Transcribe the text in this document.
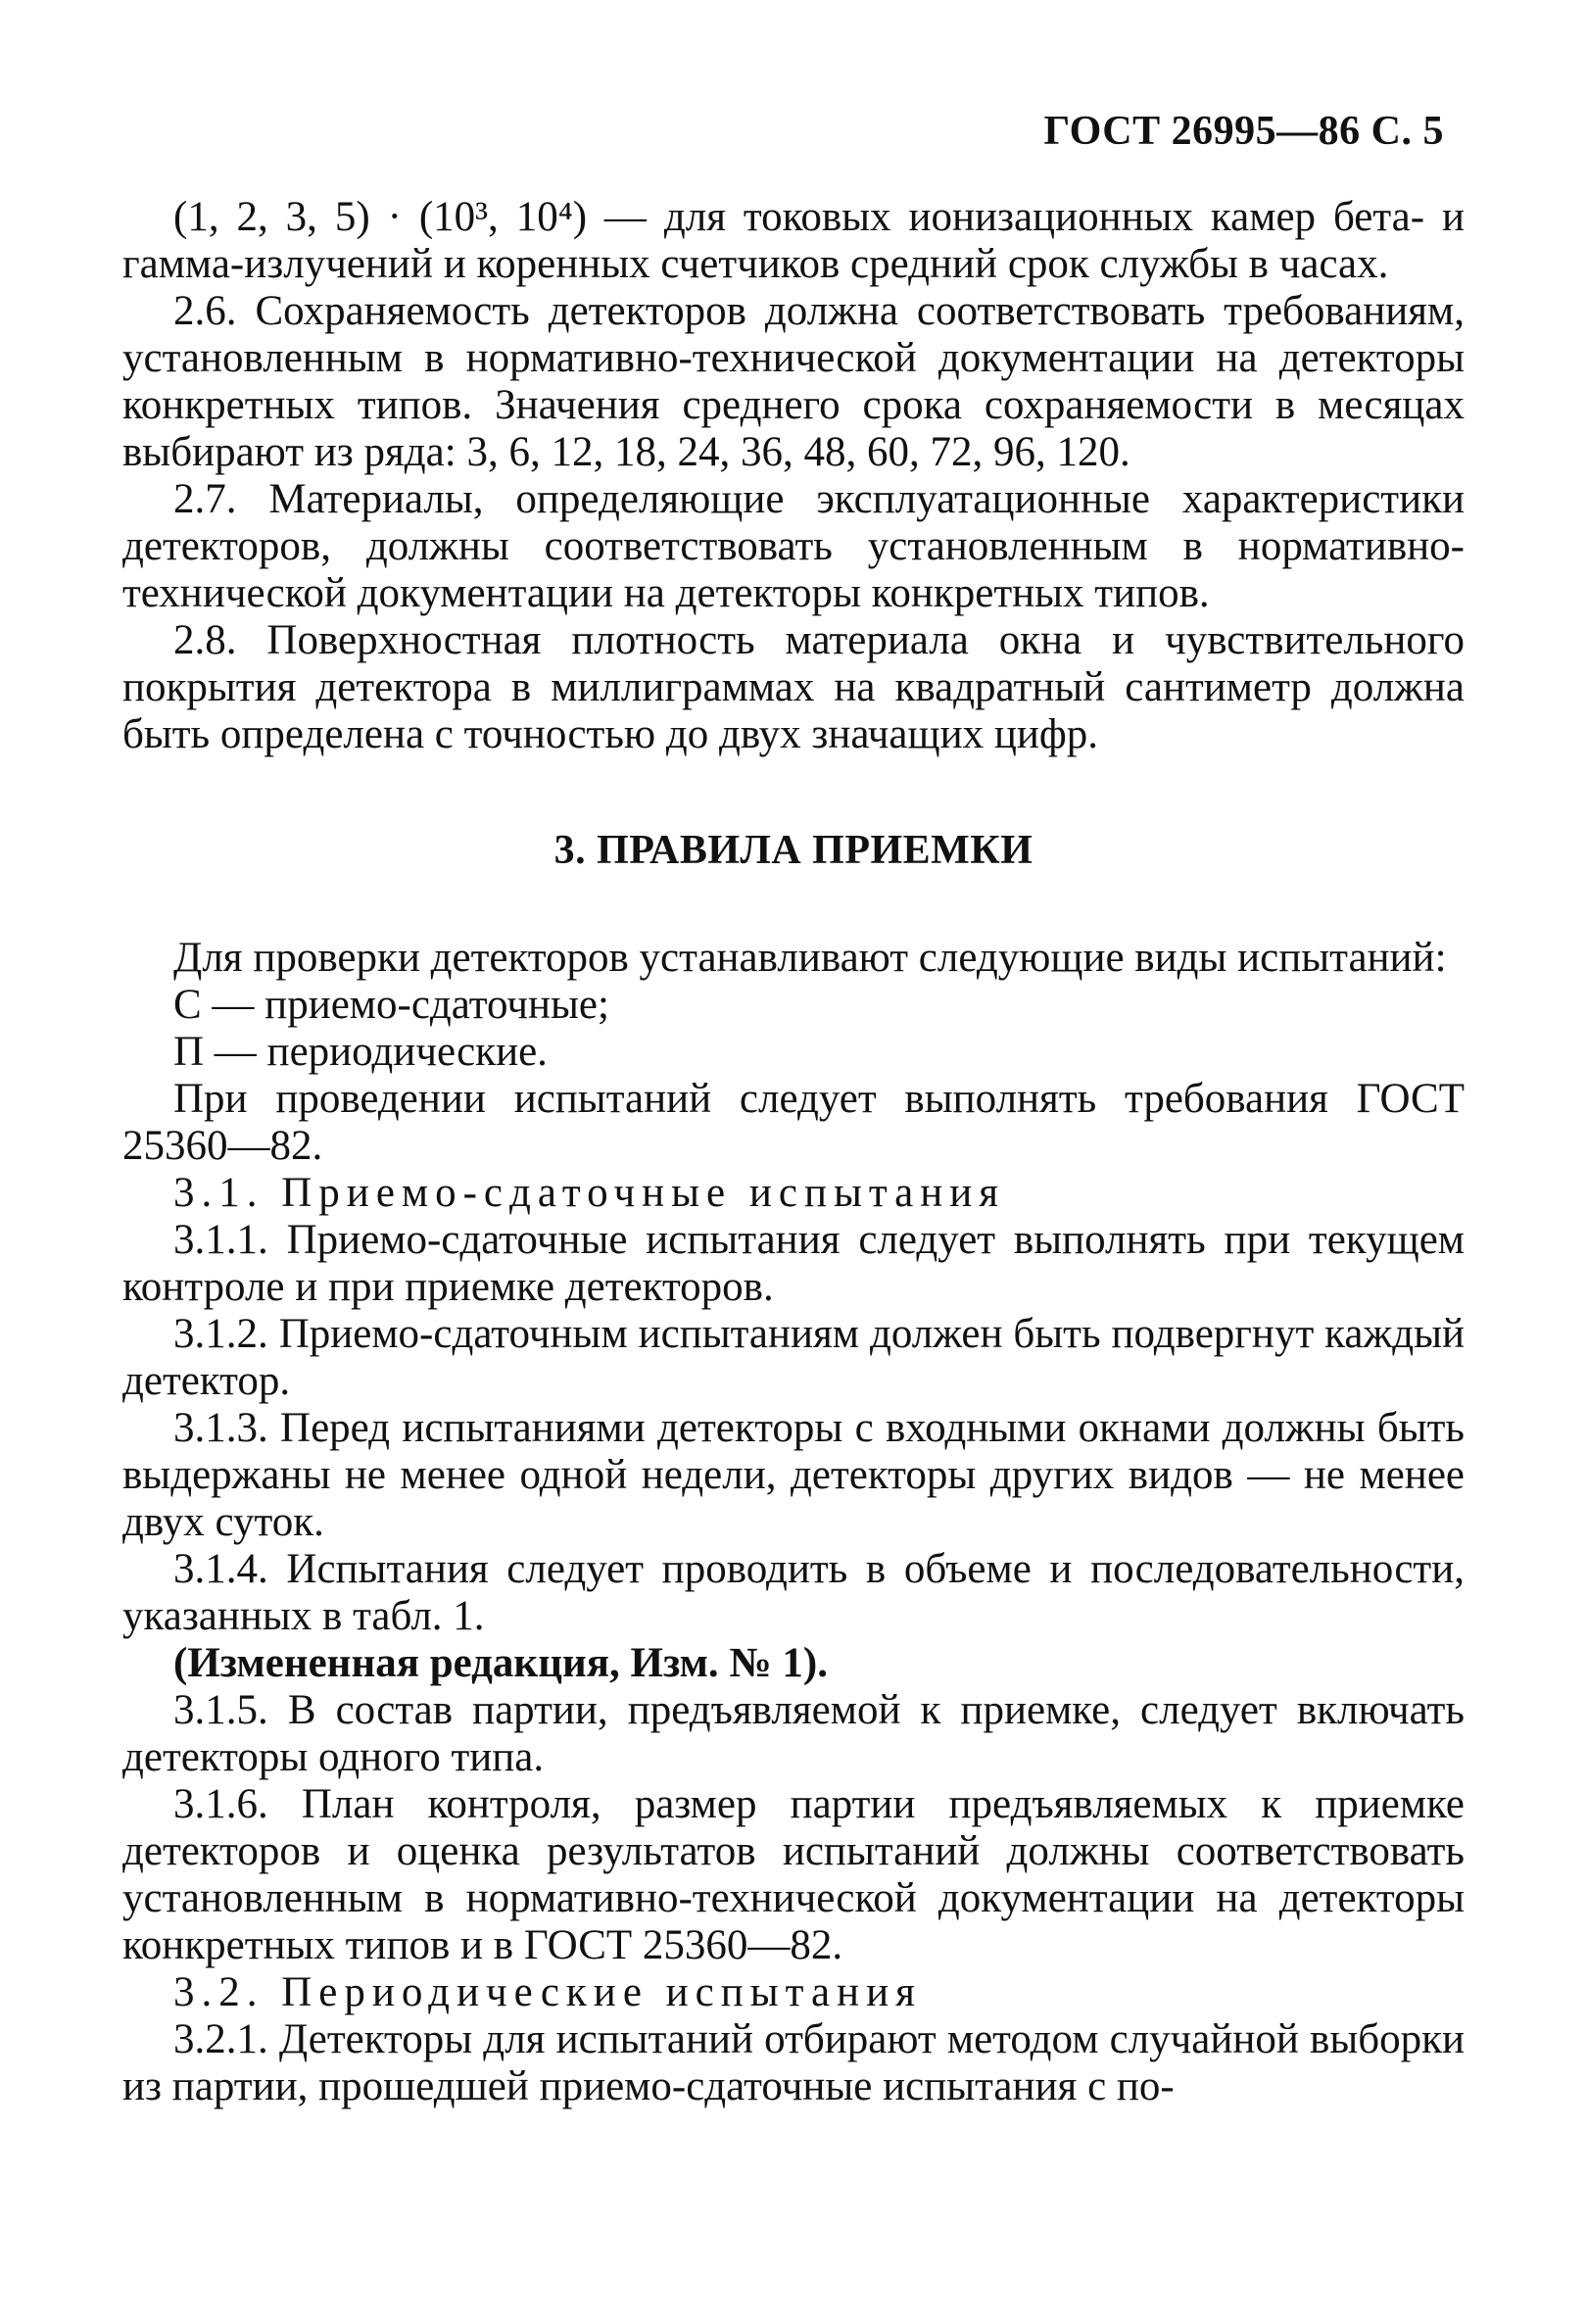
ГОСТ 26995—86 С. 5

(1, 2, 3, 5) · (10³, 10⁴) — для токовых ионизационных камер бета- и гамма-излучений и коренных счетчиков средний срок службы в часах.

2.6. Сохраняемость детекторов должна соответствовать требованиям, установленным в нормативно-технической документации на детекторы конкретных типов. Значения среднего срока сохраняемости в месяцах выбирают из ряда: 3, 6, 12, 18, 24, 36, 48, 60, 72, 96, 120.

2.7. Материалы, определяющие эксплуатационные характеристики детекторов, должны соответствовать установленным в нормативно-технической документации на детекторы конкретных типов.

2.8. Поверхностная плотность материала окна и чувствительного покрытия детектора в миллиграммах на квадратный сантиметр должна быть определена с точностью до двух значащих цифр.

3. ПРАВИЛА ПРИЕМКИ

Для проверки детекторов устанавливают следующие виды испытаний:

С — приемо-сдаточные;

П — периодические.

При проведении испытаний следует выполнять требования ГОСТ 25360—82.

3.1. Приемо-сдаточные испытания

3.1.1. Приемо-сдаточные испытания следует выполнять при текущем контроле и при приемке детекторов.

3.1.2. Приемо-сдаточным испытаниям должен быть подвергнут каждый детектор.

3.1.3. Перед испытаниями детекторы с входными окнами должны быть выдержаны не менее одной недели, детекторы других видов — не менее двух суток.

3.1.4. Испытания следует проводить в объеме и последовательности, указанных в табл. 1.

(Измененная редакция, Изм. № 1).

3.1.5. В состав партии, предъявляемой к приемке, следует включать детекторы одного типа.

3.1.6. План контроля, размер партии предъявляемых к приемке детекторов и оценка результатов испытаний должны соответствовать установленным в нормативно-технической документации на детекторы конкретных типов и в ГОСТ 25360—82.

3.2. Периодические испытания

3.2.1. Детекторы для испытаний отбирают методом случайной выборки из партии, прошедшей приемо-сдаточные испытания с по-
